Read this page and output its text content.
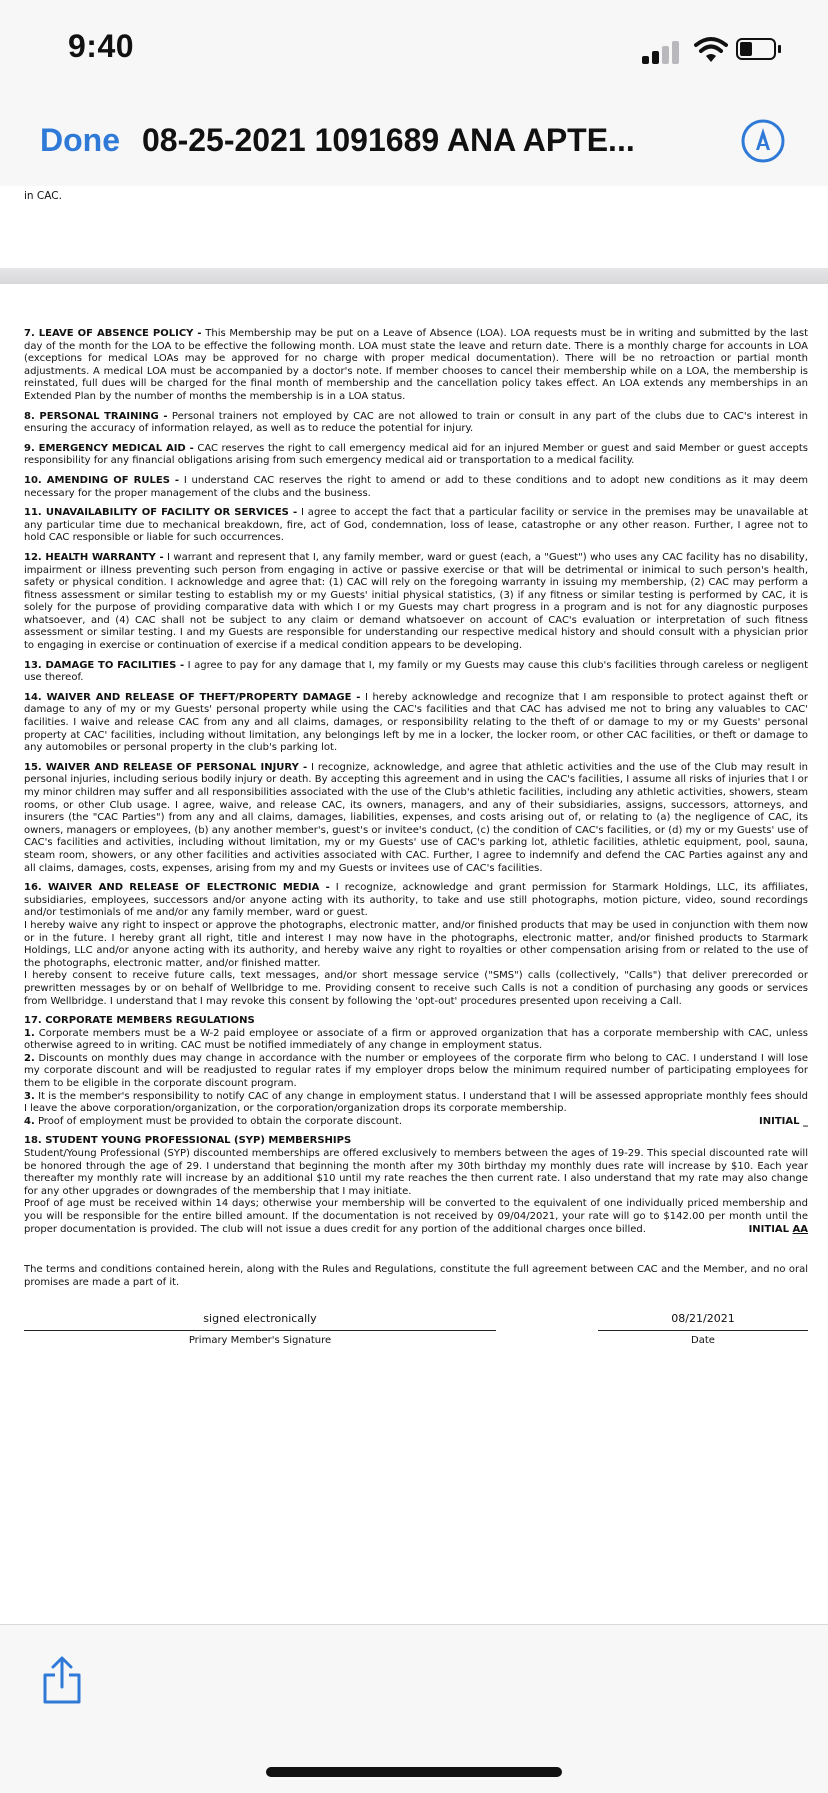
9:40
Done 08-25-2021 1091689 ANA APTE...
in CAC.
7. LEAVE OF ABSENCE POLICY - This Membership may be put on a Leave of Absence (LOA). LOA requests must be in writing and submitted by the last day of the month for the LOA to be effective the following month. LOA must state the leave and return date. There is a monthly charge for accounts in LOA (exceptions for medical LOAs may be approved for no charge with proper medical documentation). There will be no retroaction or partial month adjustments. A medical LOA must be accompanied by a doctor's note. If member chooses to cancel their membership while on a LOA, the membership is reinstated, full dues will be charged for the final month of membership and the cancellation policy takes effect. An LOA extends any memberships in an Extended Plan by the number of months the membership is in a LOA status.
8. PERSONAL TRAINING - Personal trainers not employed by CAC are not allowed to train or consult in any part of the clubs due to CAC's interest in ensuring the accuracy of information relayed, as well as to reduce the potential for injury.
9. EMERGENCY MEDICAL AID - CAC reserves the right to call emergency medical aid for an injured Member or guest and said Member or guest accepts responsibility for any financial obligations arising from such emergency medical aid or transportation to a medical facility.
10. AMENDING OF RULES - I understand CAC reserves the right to amend or add to these conditions and to adopt new conditions as it may deem necessary for the proper management of the clubs and the business.
11. UNAVAILABILITY OF FACILITY OR SERVICES - I agree to accept the fact that a particular facility or service in the premises may be unavailable at any particular time due to mechanical breakdown, fire, act of God, condemnation, loss of lease, catastrophe or any other reason. Further, I agree not to hold CAC responsible or liable for such occurrences.
12. HEALTH WARRANTY - I warrant and represent that I, any family member, ward or guest (each, a "Guest") who uses any CAC facility has no disability, impairment or illness preventing such person from engaging in active or passive exercise or that will be detrimental or inimical to such person's health, safety or physical condition. I acknowledge and agree that: (1) CAC will rely on the foregoing warranty in issuing my membership, (2) CAC may perform a fitness assessment or similar testing to establish my or my Guests' initial physical statistics, (3) if any fitness or similar testing is performed by CAC, it is solely for the purpose of providing comparative data with which I or my Guests may chart progress in a program and is not for any diagnostic purposes whatsoever, and (4) CAC shall not be subject to any claim or demand whatsoever on account of CAC's evaluation or interpretation of such fitness assessment or similar testing. I and my Guests are responsible for understanding our respective medical history and should consult with a physician prior to engaging in exercise or continuation of exercise if a medical condition appears to be developing.
13. DAMAGE TO FACILITIES - I agree to pay for any damage that I, my family or my Guests may cause this club's facilities through careless or negligent use thereof.
14. WAIVER AND RELEASE OF THEFT/PROPERTY DAMAGE - I hereby acknowledge and recognize that I am responsible to protect against theft or damage to any of my or my Guests' personal property while using the CAC's facilities and that CAC has advised me not to bring any valuables to CAC' facilities. I waive and release CAC from any and all claims, damages, or responsibility relating to the theft of or damage to my or my Guests' personal property at CAC' facilities, including without limitation, any belongings left by me in a locker, the locker room, or other CAC facilities, or theft or damage to any automobiles or personal property in the club's parking lot.
15. WAIVER AND RELEASE OF PERSONAL INJURY - I recognize, acknowledge, and agree that athletic activities and the use of the Club may result in personal injuries, including serious bodily injury or death. By accepting this agreement and in using the CAC's facilities, I assume all risks of injuries that I or my minor children may suffer and all responsibilities associated with the use of the Club's athletic facilities, including any athletic activities, showers, steam rooms, or other Club usage. I agree, waive, and release CAC, its owners, managers, and any of their subsidiaries, assigns, successors, attorneys, and insurers (the "CAC Parties") from any and all claims, damages, liabilities, expenses, and costs arising out of, or relating to (a) the negligence of CAC, its owners, managers or employees, (b) any another member's, guest's or invitee's conduct, (c) the condition of CAC's facilities, or (d) my or my Guests' use of CAC's facilities and activities, including without limitation, my or my Guests' use of CAC's parking lot, athletic facilities, athletic equipment, pool, sauna, steam room, showers, or any other facilities and activities associated with CAC. Further, I agree to indemnify and defend the CAC Parties against any and all claims, damages, costs, expenses, arising from my and my Guests or invitees use of CAC's facilities.
16. WAIVER AND RELEASE OF ELECTRONIC MEDIA - I recognize, acknowledge and grant permission for Starmark Holdings, LLC, its affiliates, subsidiaries, employees, successors and/or anyone acting with its authority, to take and use still photographs, motion picture, video, sound recordings and/or testimonials of me and/or any family member, ward or guest.
I hereby waive any right to inspect or approve the photographs, electronic matter, and/or finished products that may be used in conjunction with them now or in the future. I hereby grant all right, title and interest I may now have in the photographs, electronic matter, and/or finished products to Starmark Holdings, LLC and/or anyone acting with its authority, and hereby waive any right to royalties or other compensation arising from or related to the use of the photographs, electronic matter, and/or finished matter.
I hereby consent to receive future calls, text messages, and/or short message service ("SMS") calls (collectively, "Calls") that deliver prerecorded or prewritten messages by or on behalf of Wellbridge to me. Providing consent to receive such Calls is not a condition of purchasing any goods or services from Wellbridge. I understand that I may revoke this consent by following the 'opt-out' procedures presented upon receiving a Call.
17. CORPORATE MEMBERS REGULATIONS
1. Corporate members must be a W-2 paid employee or associate of a firm or approved organization that has a corporate membership with CAC, unless otherwise agreed to in writing. CAC must be notified immediately of any change in employment status.
2. Discounts on monthly dues may change in accordance with the number or employees of the corporate firm who belong to CAC. I understand I will lose my corporate discount and will be readjusted to regular rates if my employer drops below the minimum required number of participating employees for them to be eligible in the corporate discount program.
3. It is the member's responsibility to notify CAC of any change in employment status. I understand that I will be assessed appropriate monthly fees should I leave the above corporation/organization, or the corporation/organization drops its corporate membership.
4. Proof of employment must be provided to obtain the corporate discount.	INITIAL _
18. STUDENT YOUNG PROFESSIONAL (SYP) MEMBERSHIPS
Student/Young Professional (SYP) discounted memberships are offered exclusively to members between the ages of 19-29. This special discounted rate will be honored through the age of 29. I understand that beginning the month after my 30th birthday my monthly dues rate will increase by $10. Each year thereafter my monthly rate will increase by an additional $10 until my rate reaches the then current rate. I also understand that my rate may also change for any other upgrades or downgrades of the membership that I may initiate.
Proof of age must be received within 14 days; otherwise your membership will be converted to the equivalent of one individually priced membership and you will be responsible for the entire billed amount. If the documentation is not received by 09/04/2021, your rate will go to $142.00 per month until the proper documentation is provided. The club will not issue a dues credit for any portion of the additional charges once billed.	INITIAL AA
The terms and conditions contained herein, along with the Rules and Regulations, constitute the full agreement between CAC and the Member, and no oral promises are made a part of it.
signed electronically
Primary Member's Signature
08/21/2021
Date
